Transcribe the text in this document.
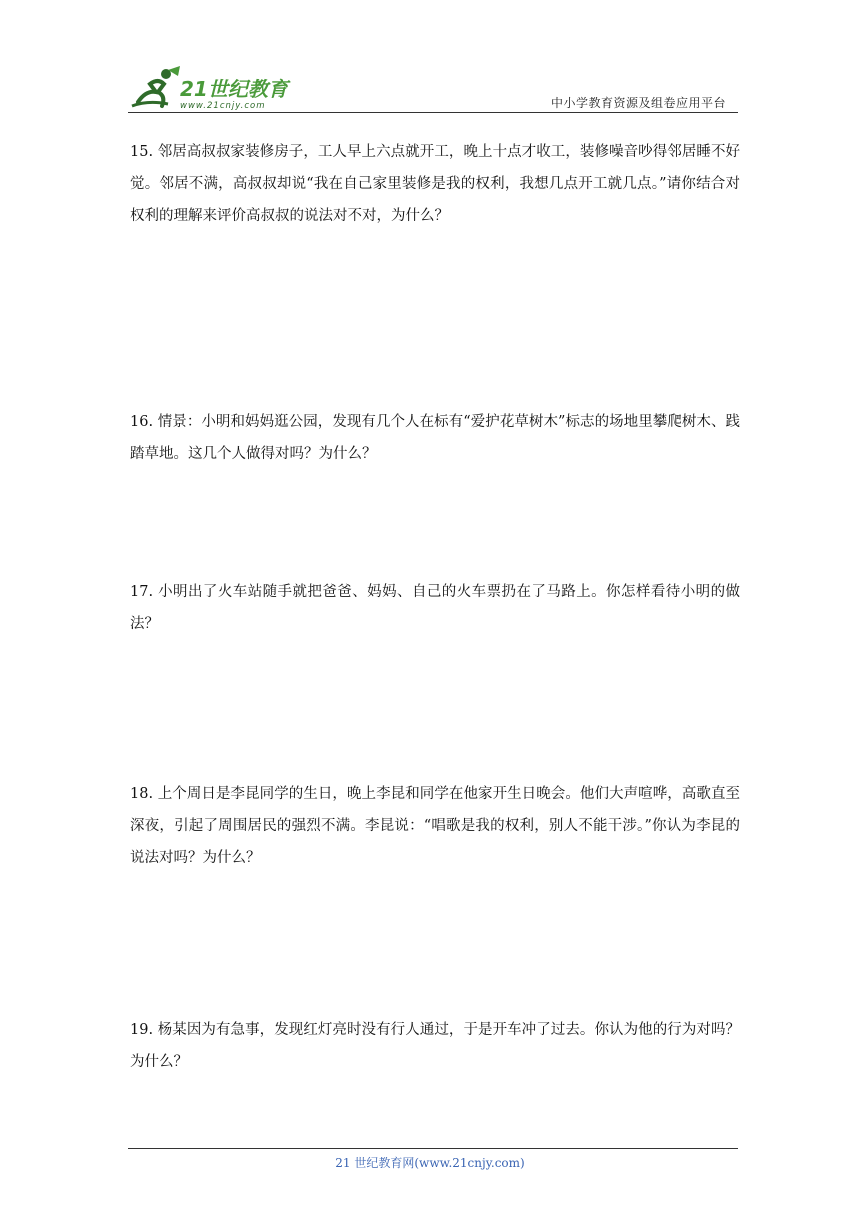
21世纪教育
www.21cnjy.com	中小学教育资源及组卷应用平台

15. 邻居高叔叔家装修房子，工人早上六点就开工，晚上十点才收工，装修噪音吵得邻居睡不好觉。邻居不满，高叔叔却说“我在自己家里装修是我的权利，我想几点开工就几点。”请你结合对权利的理解来评价高叔叔的说法对不对，为什么？

16. 情景：小明和妈妈逛公园，发现有几个人在标有“爱护花草树木”标志的场地里攀爬树木、践踏草地。这几个人做得对吗？为什么？

17. 小明出了火车站随手就把爸爸、妈妈、自己的火车票扔在了马路上。你怎样看待小明的做法？

18. 上个周日是李昆同学的生日，晚上李昆和同学在他家开生日晚会。他们大声喧哗，高歌直至深夜，引起了周围居民的强烈不满。李昆说：“唱歌是我的权利，别人不能干涉。”你认为李昆的说法对吗？为什么？

19. 杨某因为有急事，发现红灯亮时没有行人通过，于是开车冲了过去。你认为他的行为对吗？为什么？

21 世纪教育网(www.21cnjy.com)
